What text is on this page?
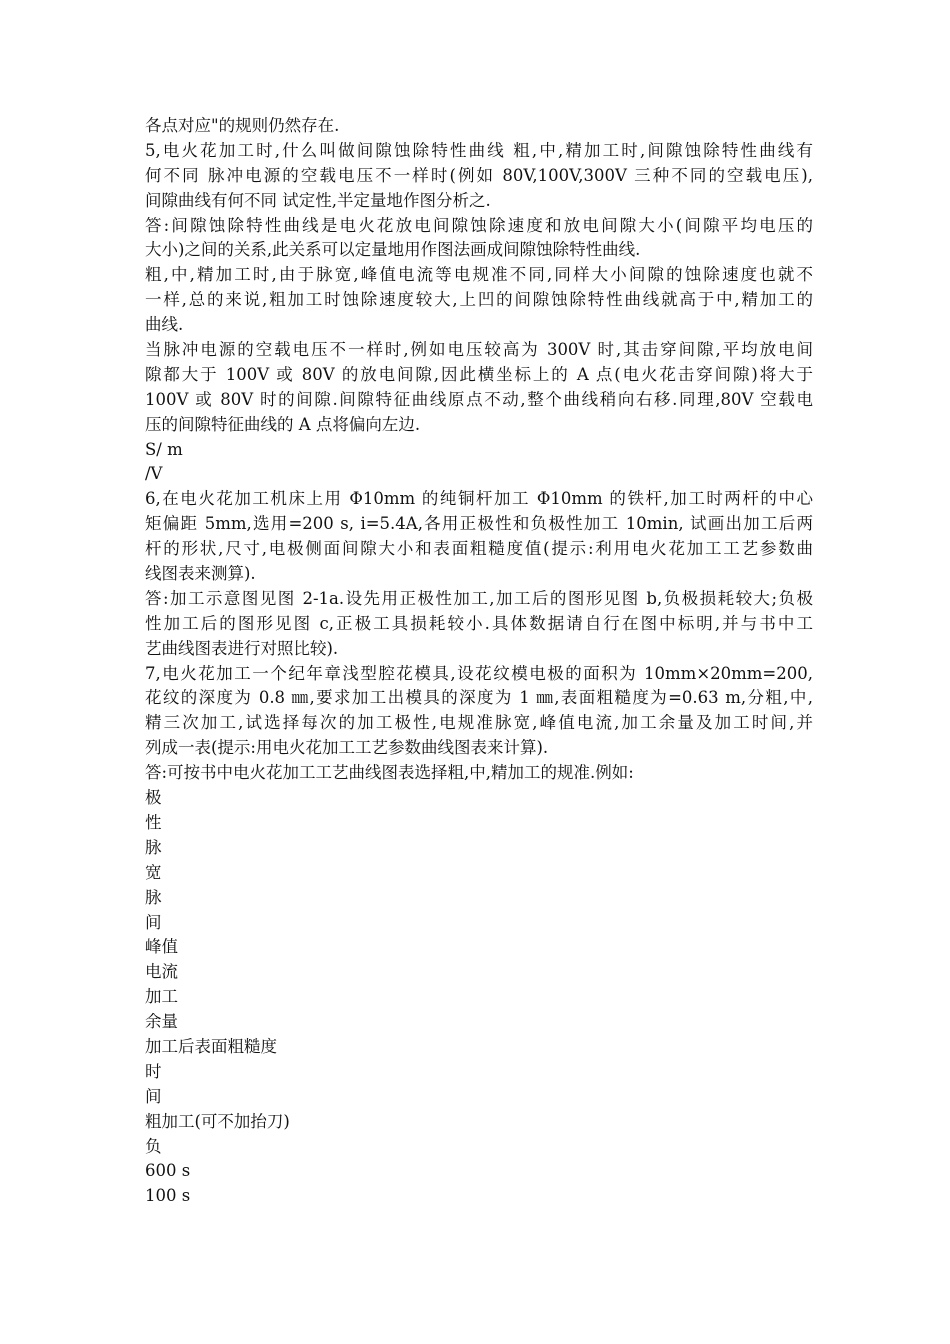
各点对应"的规则仍然存在.
5,电火花加工时,什么叫做间隙蚀除特性曲线 粗,中,精加工时,间隙蚀除特性曲线有
何不同 脉冲电源的空载电压不一样时(例如 80V,100V,300V 三种不同的空载电压),
间隙曲线有何不同 试定性,半定量地作图分析之.
答:间隙蚀除特性曲线是电火花放电间隙蚀除速度和放电间隙大小(间隙平均电压的
大小)之间的关系,此关系可以定量地用作图法画成间隙蚀除特性曲线.
粗,中,精加工时,由于脉宽,峰值电流等电规准不同,同样大小间隙的蚀除速度也就不
一样,总的来说,粗加工时蚀除速度较大,上凹的间隙蚀除特性曲线就高于中,精加工的
曲线.
当脉冲电源的空载电压不一样时,例如电压较高为 300V 时,其击穿间隙,平均放电间
隙都大于 100V 或 80V 的放电间隙,因此横坐标上的 A 点(电火花击穿间隙)将大于
100V 或 80V 时的间隙.间隙特征曲线原点不动,整个曲线稍向右移.同理,80V 空载电
压的间隙特征曲线的 A 点将偏向左边.
S/ m
/V
6,在电火花加工机床上用 Φ10mm 的纯铜杆加工 Φ10mm 的铁杆,加工时两杆的中心
矩偏距 5mm,选用=200 s, i=5.4A,各用正极性和负极性加工 10min, 试画出加工后两
杆的形状,尺寸,电极侧面间隙大小和表面粗糙度值(提示:利用电火花加工工艺参数曲
线图表来测算).
答:加工示意图见图 2-1a.设先用正极性加工,加工后的图形见图 b,负极损耗较大;负极
性加工后的图形见图 c,正极工具损耗较小.具体数据请自行在图中标明,并与书中工
艺曲线图表进行对照比较).
7,电火花加工一个纪年章浅型腔花模具,设花纹模电极的面积为 10mm×20mm=200,
花纹的深度为 0.8 ㎜,要求加工出模具的深度为 1 ㎜,表面粗糙度为=0.63 m,分粗,中,
精三次加工,试选择每次的加工极性,电规准脉宽,峰值电流,加工余量及加工时间,并
列成一表(提示:用电火花加工工艺参数曲线图表来计算).
答:可按书中电火花加工工艺曲线图表选择粗,中,精加工的规准.例如:
极
性
脉
宽
脉
间
峰值
电流
加工
余量
加工后表面粗糙度
时
间
粗加工(可不加抬刀)
负
600 s
100 s
